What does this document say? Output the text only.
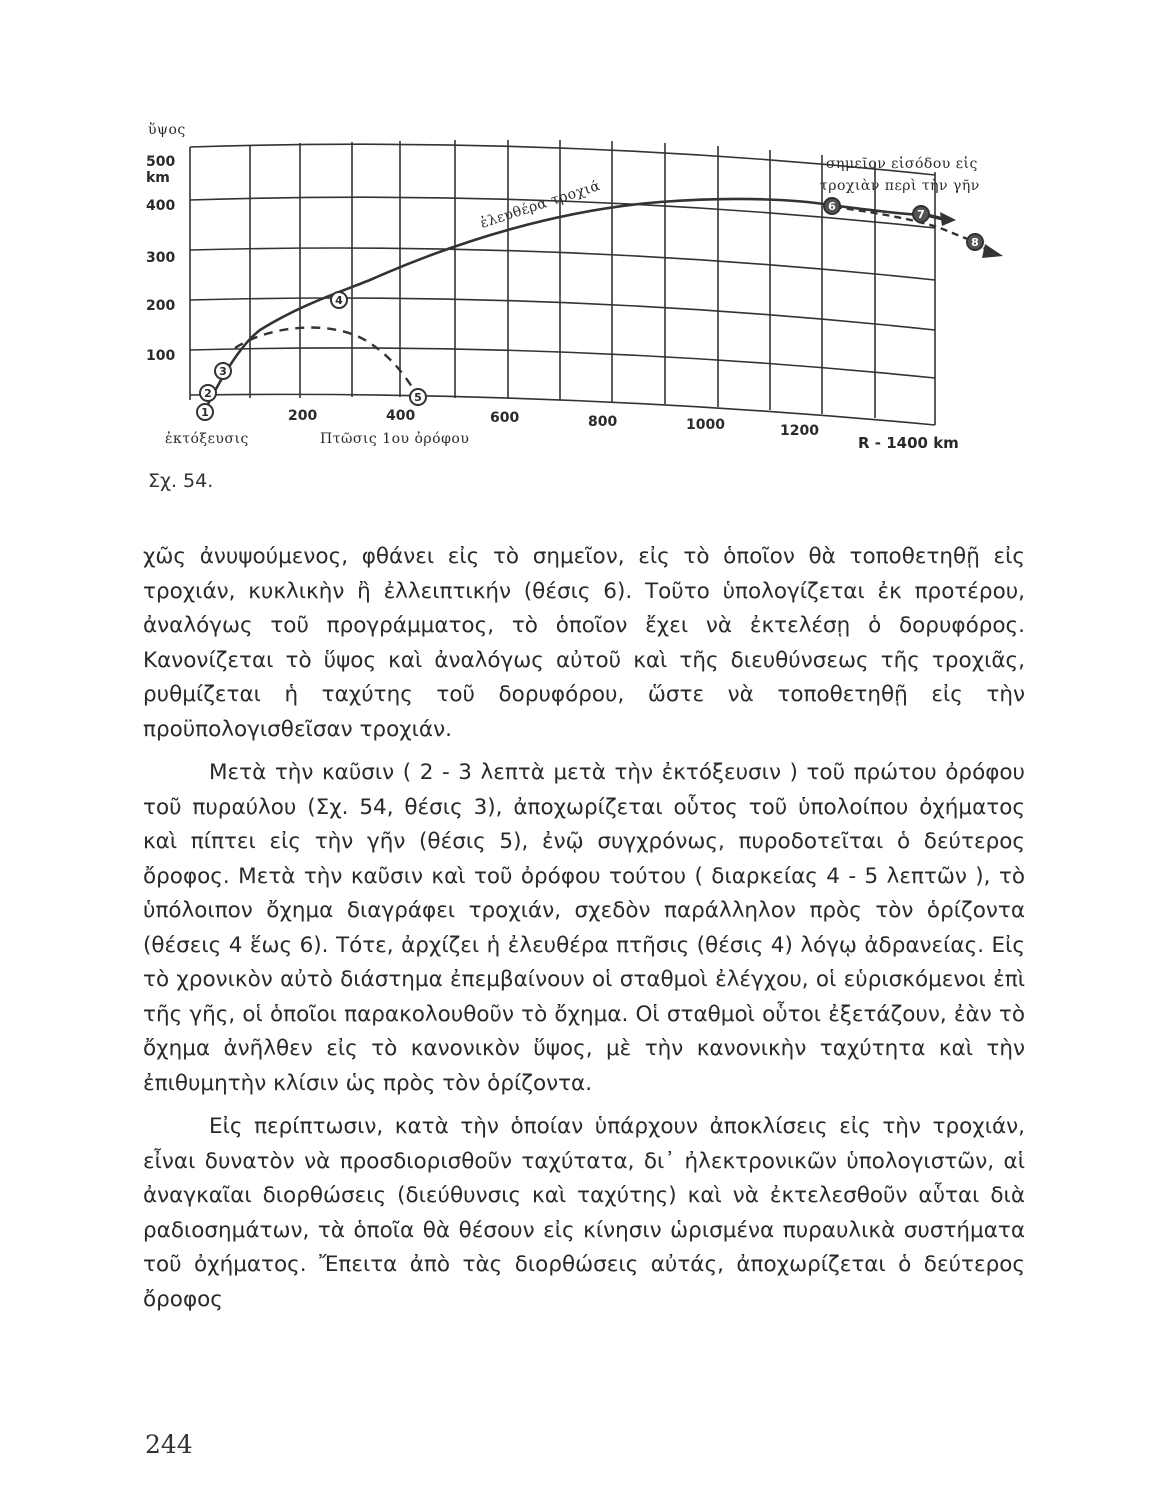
ὕψος
500
km
400
300
200
100
200	400	600	800	1000	1200
R - 1400 km
ἐκτόξευσις	Πτῶσις 1ου ὀρόφου
ἐλευθέρα τροχιά
σημεῖον εἰσόδου εἰς
τροχιὰν περὶ τὴν γῆν
1
2
3
4
5
6
7
8
Σχ. 54.

χῶς ἀνυψούμενος, φθάνει εἰς τὸ σημεῖον, εἰς τὸ ὁποῖον θὰ τοποθετηθῇ εἰς τροχιάν, κυκλικὴν ἢ ἐλλειπτικήν (θέσις 6). Τοῦτο ὑπολογίζεται ἐκ προτέρου, ἀναλόγως τοῦ προγράμματος, τὸ ὁποῖον ἔχει νὰ ἐκτελέσῃ ὁ δορυφόρος. Κανονίζεται τὸ ὕψος καὶ ἀναλόγως αὐτοῦ καὶ τῆς διευθύνσεως τῆς τροχιᾶς, ρυθμίζεται ἡ ταχύτης τοῦ δορυφόρου, ὥστε νὰ τοποθετηθῇ εἰς τὴν προϋπολογισθεῖσαν τροχιάν.

Μετὰ τὴν καῦσιν ( 2 - 3 λεπτὰ μετὰ τὴν ἐκτόξευσιν ) τοῦ πρώτου ὀρόφου τοῦ πυραύλου (Σχ. 54, θέσις 3), ἀποχωρίζεται οὗτος τοῦ ὑπολοίπου ὀχήματος καὶ πίπτει εἰς τὴν γῆν (θέσις 5), ἐνῷ συγχρόνως, πυροδοτεῖται ὁ δεύτερος ὄροφος. Μετὰ τὴν καῦσιν καὶ τοῦ ὀρόφου τούτου ( διαρκείας 4 - 5 λεπτῶν ), τὸ ὑπόλοιπον ὄχημα διαγράφει τροχιάν, σχεδὸν παράλληλον πρὸς τὸν ὁρίζοντα (θέσεις 4 ἕως 6). Τότε, ἀρχίζει ἡ ἐλευθέρα πτῆσις (θέσις 4) λόγῳ ἀδρανείας. Εἰς τὸ χρονικὸν αὐτὸ διάστημα ἐπεμβαίνουν οἱ σταθμοὶ ἐλέγχου, οἱ εὑρισκόμενοι ἐπὶ τῆς γῆς, οἱ ὁποῖοι παρακολουθοῦν τὸ ὄχημα. Οἱ σταθμοὶ οὗτοι ἐξετάζουν, ἐὰν τὸ ὄχημα ἀνῆλθεν εἰς τὸ κανονικὸν ὕψος, μὲ τὴν κανονικὴν ταχύτητα καὶ τὴν ἐπιθυμητὴν κλίσιν ὡς πρὸς τὸν ὁρίζοντα.

Εἰς περίπτωσιν, κατὰ τὴν ὁποίαν ὑπάρχουν ἀποκλίσεις εἰς τὴν τροχιάν, εἶναι δυνατὸν νὰ προσδιορισθοῦν ταχύτατα, δι᾽ ἠλεκτρονικῶν ὑπολογιστῶν, αἱ ἀναγκαῖαι διορθώσεις (διεύθυνσις καὶ ταχύτης) καὶ νὰ ἐκτελεσθοῦν αὗται διὰ ραδιοσημάτων, τὰ ὁποῖα θὰ θέσουν εἰς κίνησιν ὡρισμένα πυραυλικὰ συστήματα τοῦ ὀχήματος. Ἔπειτα ἀπὸ τὰς διορθώσεις αὐτάς, ἀποχωρίζεται ὁ δεύτερος ὄροφος

244
